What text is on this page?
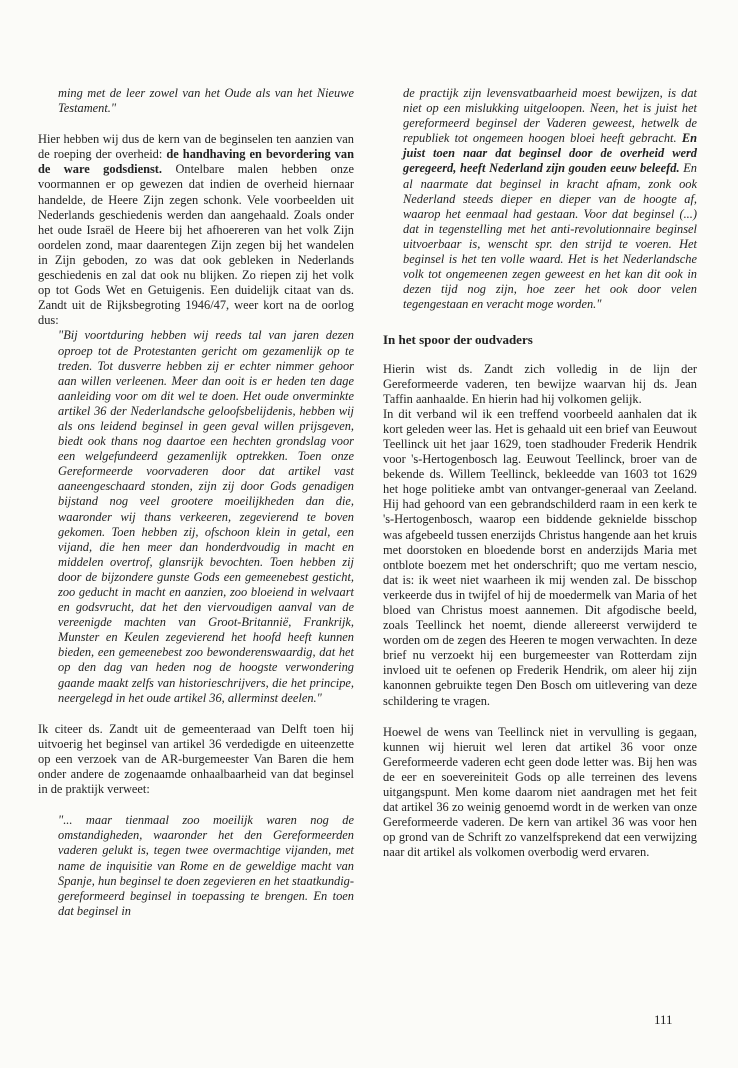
ming met de leer zowel van het Oude als van het Nieuwe Testament."

Hier hebben wij dus de kern van de beginselen ten aanzien van de roeping der overheid: de handhaving en bevordering van de ware godsdienst. Ontelbare malen hebben onze voormannen er op gewezen dat indien de overheid hiernaar handelde, de Heere Zijn zegen schonk. Vele voorbeelden uit Nederlands geschiedenis werden dan aangehaald. Zoals onder het oude Israël de Heere bij het afhoereren van het volk Zijn oordelen zond, maar daarentegen Zijn zegen bij het wandelen in Zijn geboden, zo was dat ook gebleken in Nederlands geschiedenis en zal dat ook nu blijken. Zo riepen zij het volk op tot Gods Wet en Getuigenis. Een duidelijk citaat van ds. Zandt uit de Rijksbegroting 1946/47, weer kort na de oorlog dus:

"Bij voortduring hebben wij reeds tal van jaren dezen oproep tot de Protestanten gericht om gezamenlijk op te treden. Tot dusverre hebben zij er echter nimmer gehoor aan willen verleenen. Meer dan ooit is er heden ten dage aanleiding voor om dit wel te doen. Het oude onverminkte artikel 36 der Nederlandsche geloofsbelijdenis, hebben wij als ons leidend beginsel in geen geval willen prijsgeven, biedt ook thans nog daartoe een hechten grondslag voor een welgefundeerd gezamenlijk optrekken. Toen onze Gereformeerde voorvaderen door dat artikel vast aaneengeschaard stonden, zijn zij door Gods genadigen bijstand nog veel grootere moeilijkheden dan die, waaronder wij thans verkeeren, zegevierend te boven gekomen. Toen hebben zij, ofschoon klein in getal, een vijand, die hen meer dan honderdvoudig in macht en middelen overtrof, glansrijk bevochten. Toen hebben zij door de bijzondere gunste Gods een gemeenebest gesticht, zoo geducht in macht en aanzien, zoo bloeiend in welvaart en godsvrucht, dat het den viervoudigen aanval van de vereenigde machten van Groot-Britannië, Frankrijk, Munster en Keulen zegevierend het hoofd heeft kunnen bieden, een gemeenebest zoo bewonderenswaardig, dat het op den dag van heden nog de hoogste verwondering gaande maakt zelfs van historieschrijvers, die het principe, neergelegd in het oude artikel 36, allerminst deelen."

Ik citeer ds. Zandt uit de gemeenteraad van Delft toen hij uitvoerig het beginsel van artikel 36 verdedigde en uiteenzette op een verzoek van de AR-burgemeester Van Baren die hem onder andere de zogenaamde onhaalbaarheid van dat beginsel in de praktijk verweet:

"... maar tienmaal zoo moeilijk waren nog de omstandigheden, waaronder het den Gereformeerden vaderen gelukt is, tegen twee overmachtige vijanden, met name de inquisitie van Rome en de geweldige macht van Spanje, hun beginsel te doen zegevieren en het staatkundig-gereformeerd beginsel in toepassing te brengen. En toen dat beginsel in

de practijk zijn levensvatbaarheid moest bewijzen, is dat niet op een mislukking uitgeloopen. Neen, het is juist het gereformeerd beginsel der Vaderen geweest, hetwelk de republiek tot ongemeen hoogen bloei heeft gebracht. En juist toen naar dat beginsel door de overheid werd geregeerd, heeft Nederland zijn gouden eeuw beleefd. En al naarmate dat beginsel in kracht afnam, zonk ook Nederland steeds dieper en dieper van de hoogte af, waarop het eenmaal had gestaan. Voor dat beginsel (...) dat in tegenstelling met het anti-revolutionnaire beginsel uitvoerbaar is, wenscht spr. den strijd te voeren. Het beginsel is het ten volle waard. Het is het Nederlandsche volk tot ongemeenen zegen geweest en het kan dit ook in dezen tijd nog zijn, hoe zeer het ook door velen tegengestaan en veracht moge worden."

In het spoor der oudvaders

Hierin wist ds. Zandt zich volledig in de lijn der Gereformeerde vaderen, ten bewijze waarvan hij ds. Jean Taffin aanhaalde. En hierin had hij volkomen gelijk.

In dit verband wil ik een treffend voorbeeld aanhalen dat ik kort geleden weer las. Het is gehaald uit een brief van Eeuwout Teellinck uit het jaar 1629, toen stadhouder Frederik Hendrik voor 's-Hertogenbosch lag. Eeuwout Teellinck, broer van de bekende ds. Willem Teellinck, bekleedde van 1603 tot 1629 het hoge politieke ambt van ontvanger-generaal van Zeeland. Hij had gehoord van een gebrandschilderd raam in een kerk te 's-Hertogenbosch, waarop een biddende geknielde bisschop was afgebeeld tussen enerzijds Christus hangende aan het kruis met doorstoken en bloedende borst en anderzijds Maria met ontblote boezem met het onderschrift; quo me vertam nescio, dat is: ik weet niet waarheen ik mij wenden zal. De bisschop verkeerde dus in twijfel of hij de moedermelk van Maria of het bloed van Christus moest aannemen. Dit afgodische beeld, zoals Teellinck het noemt, diende allereerst verwijderd te worden om de zegen des Heeren te mogen verwachten. In deze brief nu verzoekt hij een burgemeester van Rotterdam zijn invloed uit te oefenen op Frederik Hendrik, om aleer hij zijn kanonnen gebruikte tegen Den Bosch om uitlevering van deze schildering te vragen.

Hoewel de wens van Teellinck niet in vervulling is gegaan, kunnen wij hieruit wel leren dat artikel 36 voor onze Gereformeerde vaderen echt geen dode letter was. Bij hen was de eer en soevereiniteit Gods op alle terreinen des levens uitgangspunt. Men kome daarom niet aandragen met het feit dat artikel 36 zo weinig genoemd wordt in de werken van onze Gereformeerde vaderen. De kern van artikel 36 was voor hen op grond van de Schrift zo vanzelfsprekend dat een verwijzing naar dit artikel als volkomen overbodig werd ervaren.

111
